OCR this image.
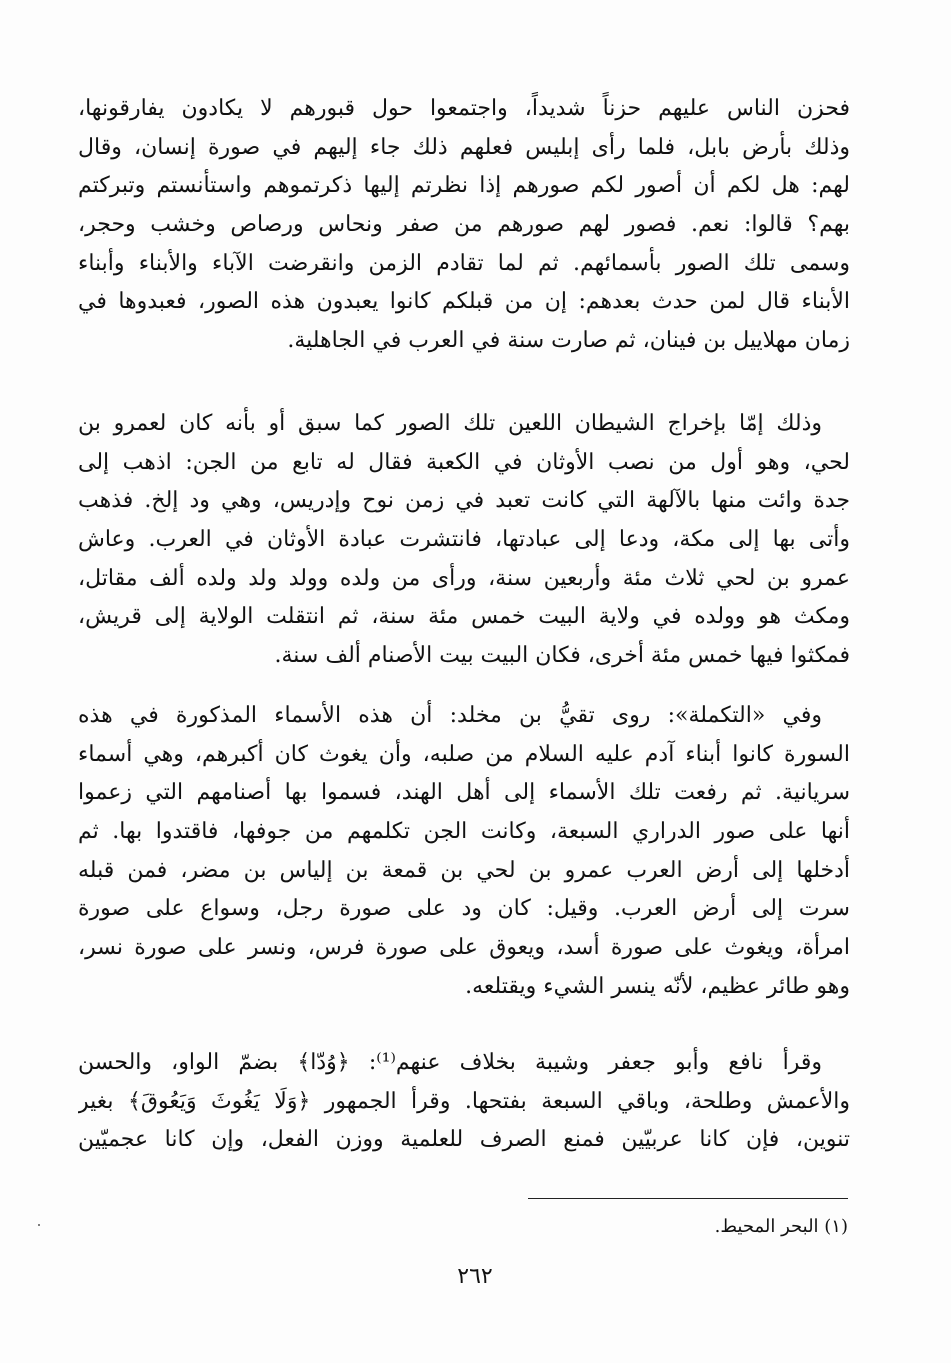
فحزن الناس عليهم حزناً شديداً، واجتمعوا حول قبورهم لا يكادون يفارقونها،
وذلك بأرض بابل، فلما رأى إبليس فعلهم ذلك جاء إليهم في صورة إنسان، وقال
لهم: هل لكم أن أصور لكم صورهم إذا نظرتم إليها ذكرتموهم واستأنستم وتبركتم
بهم؟ قالوا: نعم. فصور لهم صورهم من صفر ونحاس ورصاص وخشب وحجر،
وسمى تلك الصور بأسمائهم. ثم لما تقادم الزمن وانقرضت الآباء والأبناء وأبناء
الأبناء قال لمن حدث بعدهم: إن من قبلكم كانوا يعبدون هذه الصور، فعبدوها في
زمان مهلاييل بن فينان، ثم صارت سنة في العرب في الجاهلية.
وذلك إمّا بإخراج الشيطان اللعين تلك الصور كما سبق أو بأنه كان لعمرو بن
لحي، وهو أول من نصب الأوثان في الكعبة فقال له تابع من الجن: اذهب إلى
جدة وائت منها بالآلهة التي كانت تعبد في زمن نوح وإدريس، وهي ود إلخ. فذهب
وأتى بها إلى مكة، ودعا إلى عبادتها، فانتشرت عبادة الأوثان في العرب. وعاش
عمرو بن لحي ثلاث مئة وأربعين سنة، ورأى من ولده وولد ولد ولده ألف مقاتل،
ومكث هو وولده في ولاية البيت خمس مئة سنة، ثم انتقلت الولاية إلى قريش،
فمكثوا فيها خمس مئة أخرى، فكان البيت بيت الأصنام ألف سنة.
وفي «التكملة»: روى تقيُّ بن مخلد: أن هذه الأسماء المذكورة في هذه
السورة كانوا أبناء آدم عليه السلام من صلبه، وأن يغوث كان أكبرهم، وهي أسماء
سريانية. ثم رفعت تلك الأسماء إلى أهل الهند، فسموا بها أصنامهم التي زعموا
أنها على صور الدراري السبعة، وكانت الجن تكلمهم من جوفها، فاقتدوا بها. ثم
أدخلها إلى أرض العرب عمرو بن لحي بن قمعة بن إلياس بن مضر، فمن قبله
سرت إلى أرض العرب. وقيل: كان ود على صورة رجل، وسواع على صورة
امرأة، ويغوث على صورة أسد، ويعوق على صورة فرس، ونسر على صورة نسر،
وهو طائر عظيم، لأنّه ينسر الشيء ويقتلعه.
وقرأ نافع وأبو جعفر وشيبة بخلاف عنهم⁽¹⁾: ﴿وُدّا﴾ بضمّ الواو، والحسن
والأعمش وطلحة، وباقي السبعة بفتحها. وقرأ الجمهور ﴿وَلَا يَغُوثَ وَيَعُوقَ﴾ بغير
تنوين، فإن كانا عربيّين فمنع الصرف للعلمية ووزن الفعل، وإن كانا عجميّين
(١) البحر المحيط.
٢٦٢
